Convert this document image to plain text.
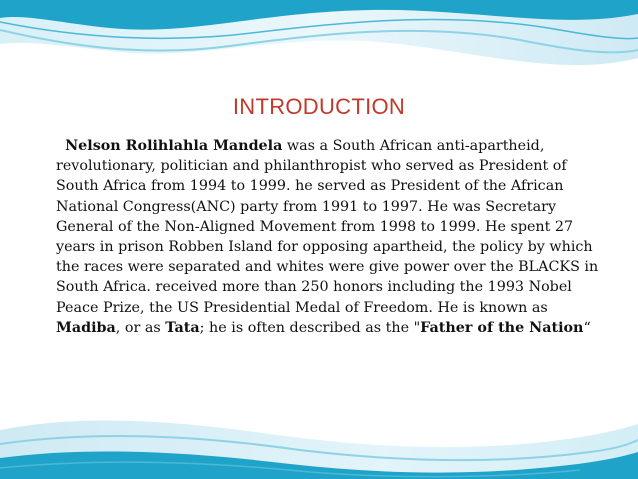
INTRODUCTION

Nelson Rolihlahla Mandela was a South African anti-apartheid, revolutionary, politician and philanthropist who served as President of South Africa from 1994 to 1999. he served as President of the African National Congress(ANC) party from 1991 to 1997. He was Secretary General of the Non-Aligned Movement from 1998 to 1999. He spent 27 years in prison Robben Island for opposing apartheid, the policy by which the races were separated and whites were give power over the BLACKS in South Africa. received more than 250 honors including the 1993 Nobel Peace Prize, the US Presidential Medal of Freedom. He is known as Madiba, or as Tata; he is often described as the "Father of the Nation“
